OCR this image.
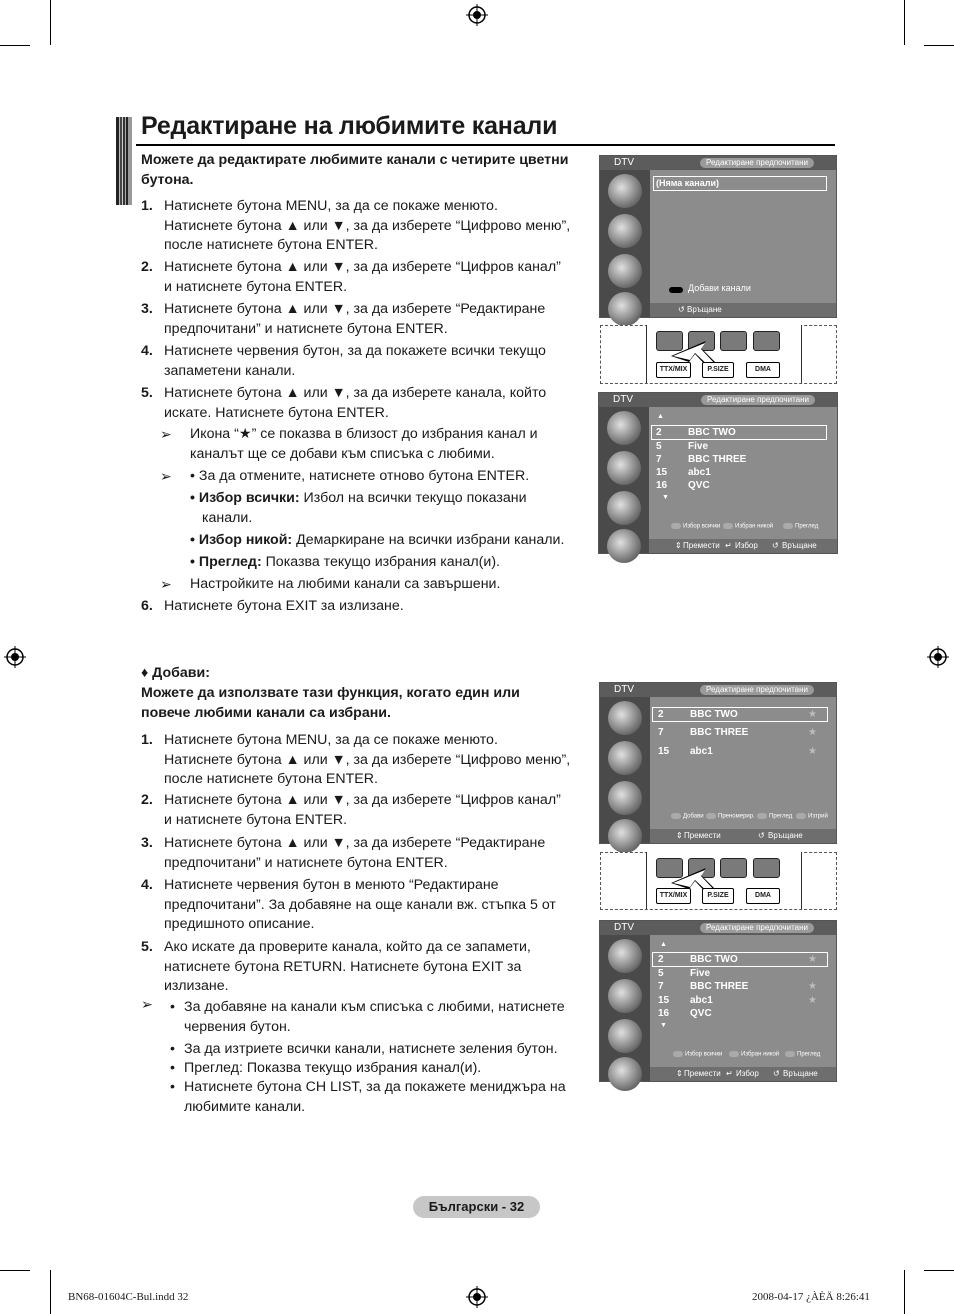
Редактиране на любимите канали
Можете да редактирате любимите канали с четирите цветни бутона.
1. Натиснете бутона MENU, за да се покаже менюто.
Натиснете бутона ▲ или ▼, за да изберете “Цифрово меню”,
после натиснете бутона ENTER.
2. Натиснете бутона ▲ или ▼, за да изберете “Цифров канал”
и натиснете бутона ENTER.
3. Натиснете бутона ▲ или ▼, за да изберете “Редактиране
предпочитани” и натиснете бутона ENTER.
4. Натиснете червения бутон, за да покажете всички текущо
запаметени канали.
5. Натиснете бутона ▲ или ▼, за да изберете канала, който
искате. Натиснете бутона ENTER.
➢ Икона “★” се показва в близост до избрания канал и
каналът ще се добави към списъка с любими.
➢ • За да отмените, натиснете отново бутона ENTER.
• Избор всички: Избол на всички текущо показани
канали.
• Избор никой: Демаркиране на всички избрани канали.
• Преглед: Показва текущо избрания канал(и).
➢ Настройките на любими канали са завършени.
6. Натиснете бутона EXIT за излизане.
♦ Добави:
Можете да използвате тази функция, когато един или
повече любими канали са избрани.
1. Натиснете бутона MENU, за да се покаже менюто.
Натиснете бутона ▲ или ▼, за да изберете “Цифрово меню”,
после натиснете бутона ENTER.
2. Натиснете бутона ▲ или ▼, за да изберете “Цифров канал”
и натиснете бутона ENTER.
3. Натиснете бутона ▲ или ▼, за да изберете “Редактиране
предпочитани” и натиснете бутона ENTER.
4. Натиснете червения бутон в менюто “Редактиране
предпочитани”. За добавяне на още канали вж. стъпка 5 от
предишното описание.
5. Ако искате да проверите канала, който да се запамети,
натиснете бутона RETURN. Натиснете бутона EXIT за
излизане.
➢ • За добавяне на канали към списъка с любими, натиснете
червения бутон.
• За да изтриете всички канали, натиснете зеления бутон.
• Преглед: Показва текущо избрания канал(и).
• Натиснете бутона CH LIST, за да покажете мениджъра на
любимите канали.
DTV	Редактиране предпочитани
(Няма канали)
Добави канали
↺ Връщане
TTX/MIX	P.SIZE	DMA
DTV	Редактиране предпочитани
▲
2	BBC TWO
5	Five
7	BBC THREE
15 abc1
16 QVC
▼
Избор всички	Избран никой	Преглед
⇕ Премести ↵ Избор ↺ Връщане
DTV	Редактиране предпочитани
2	BBC TWO	★
7	BBC THREE	★
15 abc1	★
Добави	Преномерир.	Преглед	Изтрий
⇕ Премести	↺ Връщане
TTX/MIX	P.SIZE	DMA
DTV	Редактиране предпочитани
▲
2	BBC TWO	★
5	Five
7	BBC THREE	★
15 abc1	★
16 QVC
▼
Избор всички	Избран никой	Преглед
⇕ Премести ↵ Избор ↺ Връщане
Български - 32
BN68-01604C-Bul.indd 32	2008-04-17 ¿ÀÈÄ 8:26:41
